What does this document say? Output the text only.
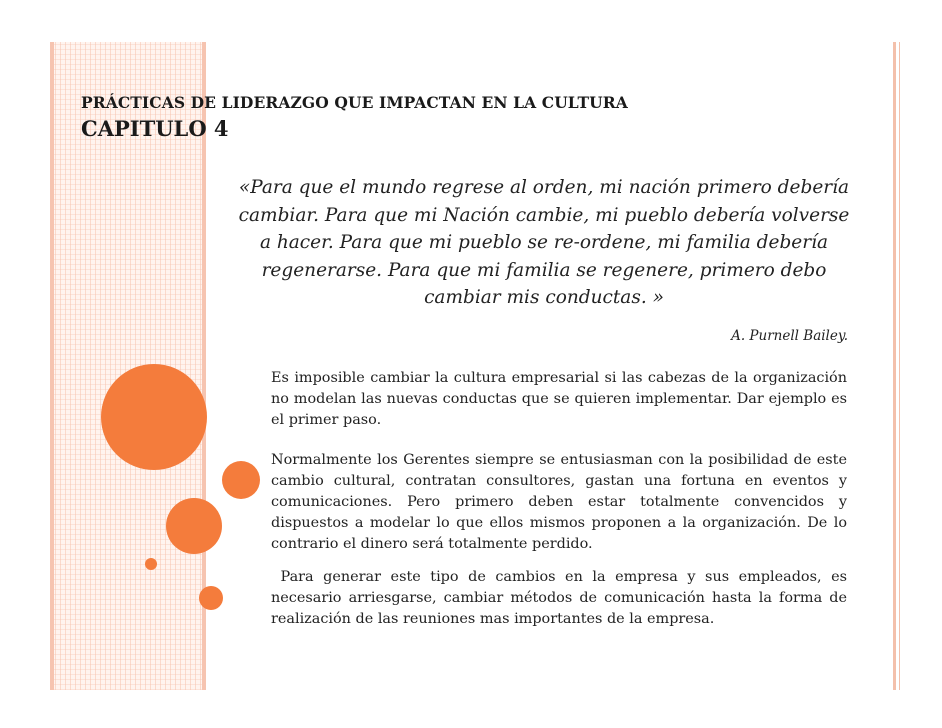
PRÁCTICAS DE LIDERAZGO QUE IMPACTAN EN LA CULTURA
CAPITULO 4

«Para que el mundo regrese al orden, mi nación primero debería cambiar. Para que mi Nación cambie, mi pueblo debería volverse a hacer. Para que mi pueblo se re-ordene, mi familia debería regenerarse. Para que mi familia se regenere, primero debo cambiar mis conductas. »

A. Purnell Bailey.

Es imposible cambiar la cultura empresarial si las cabezas de la organización no modelan las nuevas conductas que se quieren implementar. Dar ejemplo es el primer paso.

Normalmente los Gerentes siempre se entusiasman con la posibilidad de este cambio cultural, contratan consultores, gastan una fortuna en eventos y comunicaciones. Pero primero deben estar totalmente convencidos y dispuestos a modelar lo que ellos mismos proponen a la organización. De lo contrario el dinero será totalmente perdido.

Para generar este tipo de cambios en la empresa y sus empleados, es necesario arriesgarse, cambiar métodos de comunicación hasta la forma de realización de las reuniones mas importantes de la empresa.
